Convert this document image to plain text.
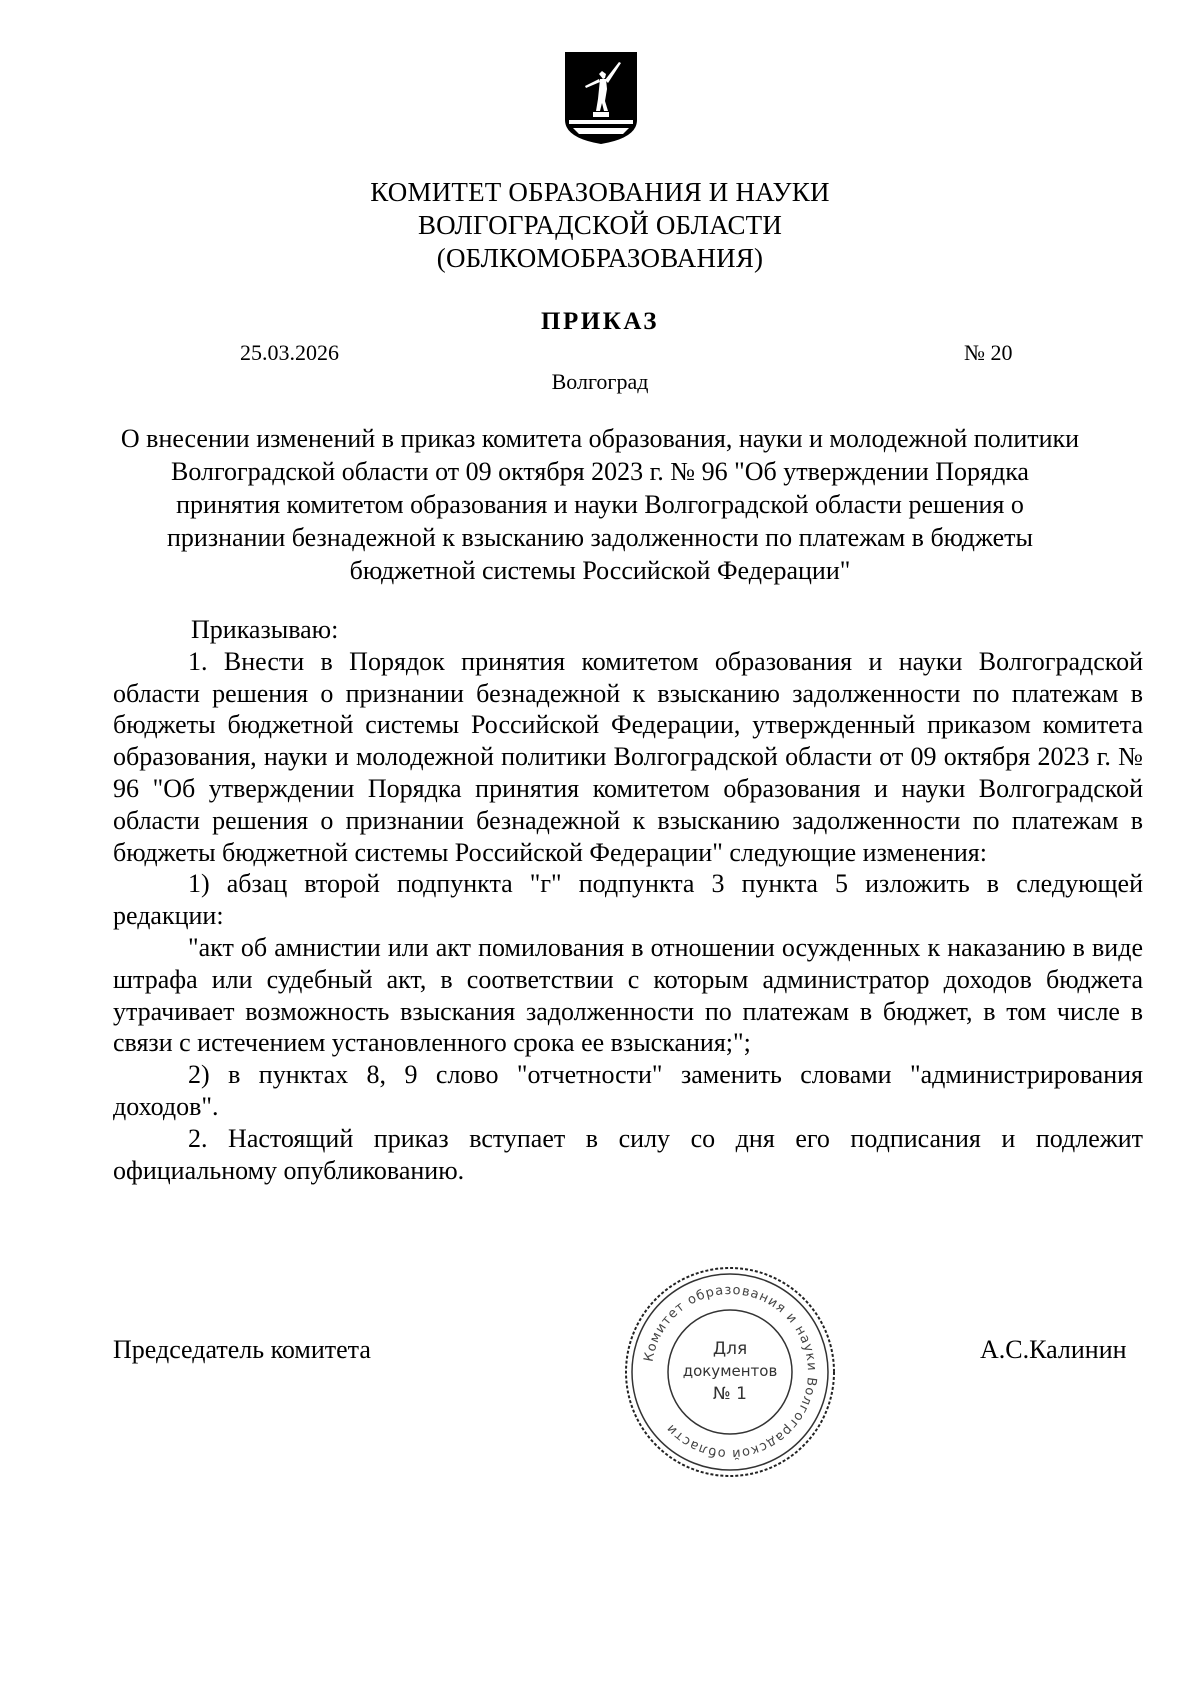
КОМИТЕТ ОБРАЗОВАНИЯ И НАУКИ
ВОЛГОГРАДСКОЙ ОБЛАСТИ
(ОБЛКОМОБРАЗОВАНИЯ)
ПРИКАЗ
25.03.2026	№ 20
Волгоград
О внесении изменений в приказ комитета образования, науки и молодежной политики Волгоградской области от 09 октября 2023 г. № 96 "Об утверждении Порядка принятия комитетом образования и науки Волгоградской области решения о признании безнадежной к взысканию задолженности по платежам в бюджеты бюджетной системы Российской Федерации"

Приказываю:

1. Внести в Порядок принятия комитетом образования и науки Волгоградской области решения о признании безнадежной к взысканию задолженности по платежам в бюджеты бюджетной системы Российской Федерации, утвержденный приказом комитета образования, науки и молодежной политики Волгоградской области от 09 октября 2023 г. № 96 "Об утверждении Порядка принятия комитетом образования и науки Волгоградской области решения о признании безнадежной к взысканию задолженности по платежам в бюджеты бюджетной системы Российской Федерации" следующие изменения:

1) абзац второй подпункта "г" подпункта 3 пункта 5 изложить в следующей редакции:

"акт об амнистии или акт помилования в отношении осужденных к наказанию в виде штрафа или судебный акт, в соответствии с которым администратор доходов бюджета утрачивает возможность взыскания задолженности по платежам в бюджет, в том числе в связи с истечением установленного срока ее взыскания;";

2) в пунктах 8, 9 слово "отчетности" заменить словами "администрирования доходов".

2. Настоящий приказ вступает в силу со дня его подписания и подлежит официальному опубликованию.

Председатель комитета	Комитет образования и науки Волгоградской области
Для
документов
№ 1
А.С.Калинин
